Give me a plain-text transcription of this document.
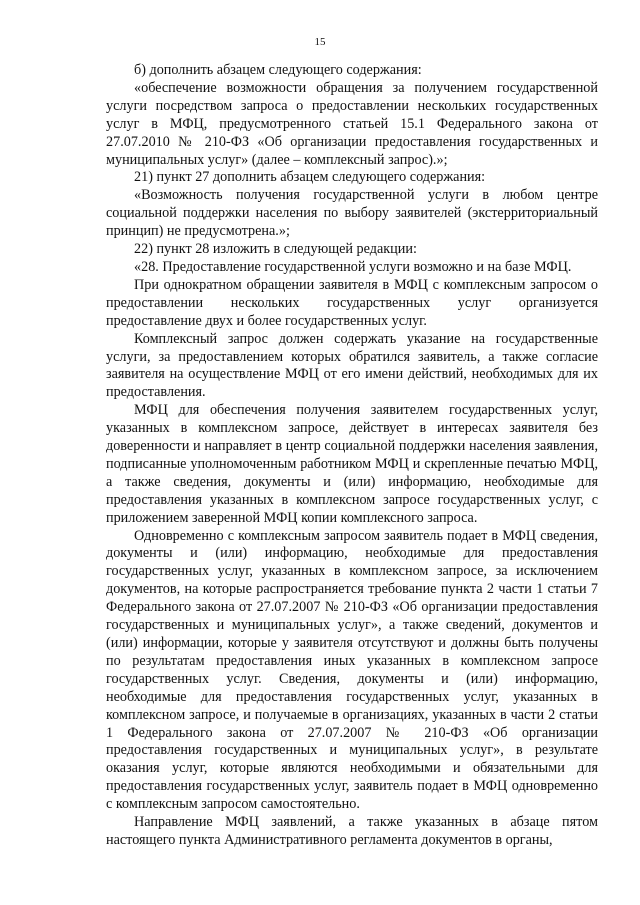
15

б) дополнить абзацем следующего содержания:

«обеспечение возможности обращения за получением государственной услуги посредством запроса о предоставлении нескольких государственных услуг в МФЦ, предусмотренного статьей 15.1 Федерального закона от 27.07.2010 № 210-ФЗ «Об организации предоставления государственных и муниципальных услуг» (далее – комплексный запрос).»;

21) пункт 27 дополнить абзацем следующего содержания:

«Возможность получения государственной услуги в любом центре социальной поддержки населения по выбору заявителей (экстерриториальный принцип) не предусмотрена.»;

22) пункт 28 изложить в следующей редакции:

«28. Предоставление государственной услуги возможно и на базе МФЦ.

При однократном обращении заявителя в МФЦ с комплексным запросом о предоставлении нескольких государственных услуг организуется предоставление двух и более государственных услуг.

Комплексный запрос должен содержать указание на государственные услуги, за предоставлением которых обратился заявитель, а также согласие заявителя на осуществление МФЦ от его имени действий, необходимых для их предоставления.

МФЦ для обеспечения получения заявителем государственных услуг, указанных в комплексном запросе, действует в интересах заявителя без доверенности и направляет в центр социальной поддержки населения заявления, подписанные уполномоченным работником МФЦ и скрепленные печатью МФЦ, а также сведения, документы и (или) информацию, необходимые для предоставления указанных в комплексном запросе государственных услуг, с приложением заверенной МФЦ копии комплексного запроса.

Одновременно с комплексным запросом заявитель подает в МФЦ сведения, документы и (или) информацию, необходимые для предоставления государственных услуг, указанных в комплексном запросе, за исключением документов, на которые распространяется требование пункта 2 части 1 статьи 7 Федерального закона от 27.07.2007 № 210-ФЗ «Об организации предоставления государственных и муниципальных услуг», а также сведений, документов и (или) информации, которые у заявителя отсутствуют и должны быть получены по результатам предоставления иных указанных в комплексном запросе государственных услуг. Сведения, документы и (или) информацию, необходимые для предоставления государственных услуг, указанных в комплексном запросе, и получаемые в организациях, указанных в части 2 статьи 1 Федерального закона от 27.07.2007 № 210-ФЗ «Об организации предоставления государственных и муниципальных услуг», в результате оказания услуг, которые являются необходимыми и обязательными для предоставления государственных услуг, заявитель подает в МФЦ одновременно с комплексным запросом самостоятельно.

Направление МФЦ заявлений, а также указанных в абзаце пятом настоящего пункта Административного регламента документов в органы,
